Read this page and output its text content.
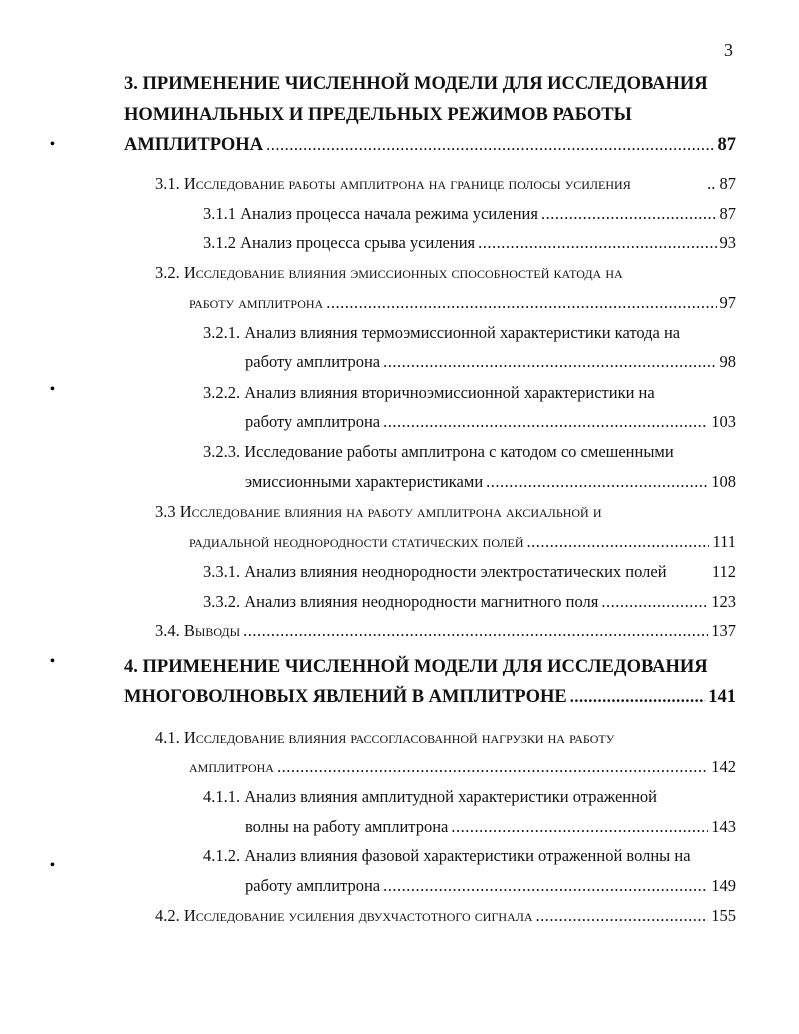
3
•
•
•
•
3. ПРИМЕНЕНИЕ ЧИСЛЕННОЙ МОДЕЛИ ДЛЯ ИССЛЕДОВАНИЯ
НОМИНАЛЬНЫХ И ПРЕДЕЛЬНЫХ РЕЖИМОВ РАБОТЫ
АМПЛИТРОНА .....	87
3.1. Исследование работы амплитрона на границе полосы усиления	.. 87
3.1.1 Анализ процесса начала режима усиления .....	87
3.1.2 Анализ процесса срыва усиления .....	93
3.2. Исследование влияния эмиссионных способностей катода на
работу амплитрона .....	97
3.2.1. Анализ влияния термоэмиссионной характеристики катода на
работу амплитрона .....	98
3.2.2. Анализ влияния вторичноэмиссионной характеристики на
работу амплитрона .....	103
3.2.3. Исследование работы амплитрона с катодом со смешенными
эмиссионными характеристиками .....	108
3.3 Исследование влияния на работу амплитрона аксиальной и
радиальной неоднородности статических полей .....	111
3.3.1. Анализ влияния неоднородности электростатических полей	112
3.3.2. Анализ влияния неоднородности магнитного поля .....	123
3.4. Выводы .....	137
4. ПРИМЕНЕНИЕ ЧИСЛЕННОЙ МОДЕЛИ ДЛЯ ИССЛЕДОВАНИЯ
МНОГОВОЛНОВЫХ ЯВЛЕНИЙ В АМПЛИТРОНЕ .....	141
4.1. Исследование влияния рассогласованной нагрузки на работу
амплитрона .....	142
4.1.1. Анализ влияния амплитудной характеристики отраженной
волны на работу амплитрона .....	143
4.1.2. Анализ влияния фазовой характеристики отраженной волны на
работу амплитрона .....	149
4.2. Исследование усиления двухчастотного сигнала .....	155
